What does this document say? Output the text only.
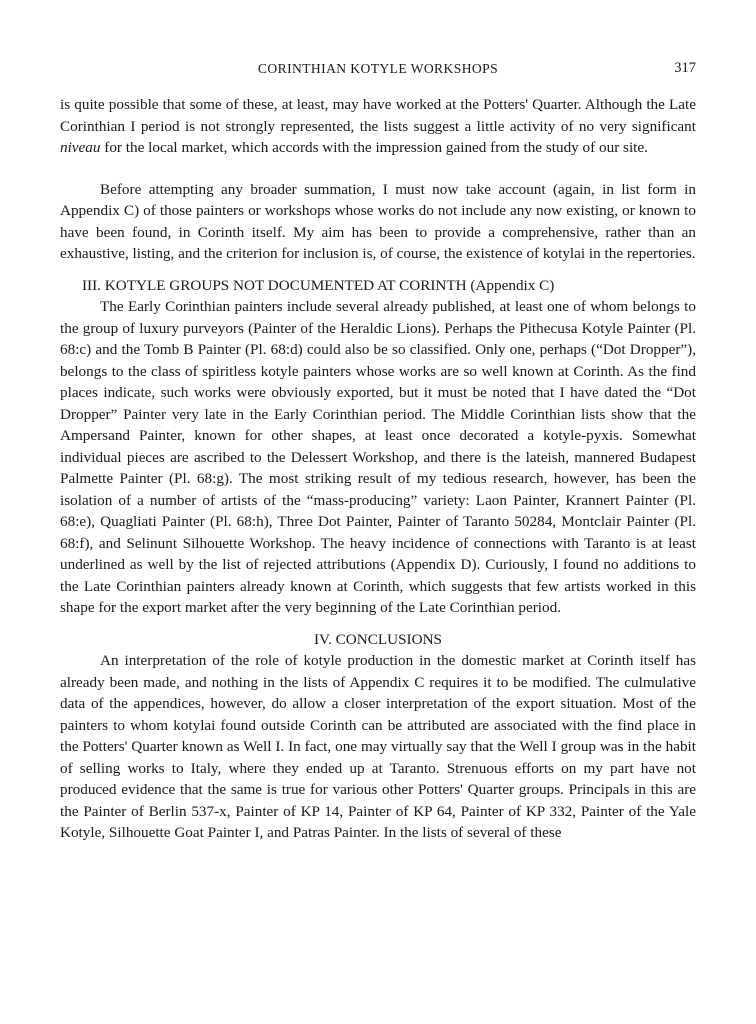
CORINTHIAN KOTYLE WORKSHOPS	317

is quite possible that some of these, at least, may have worked at the Potters' Quarter. Although the Late Corinthian I period is not strongly represented, the lists suggest a little activity of no very significant niveau for the local market, which accords with the impression gained from the study of our site.

Before attempting any broader summation, I must now take account (again, in list form in Appendix C) of those painters or workshops whose works do not include any now existing, or known to have been found, in Corinth itself. My aim has been to provide a comprehensive, rather than an exhaustive, listing, and the criterion for inclusion is, of course, the existence of kotylai in the repertories.

III. KOTYLE GROUPS NOT DOCUMENTED AT CORINTH (Appendix C)

The Early Corinthian painters include several already published, at least one of whom belongs to the group of luxury purveyors (Painter of the Heraldic Lions). Perhaps the Pithecusa Kotyle Painter (Pl. 68:c) and the Tomb B Painter (Pl. 68:d) could also be so classified. Only one, perhaps (“Dot Dropper”), belongs to the class of spiritless kotyle painters whose works are so well known at Corinth. As the find places indicate, such works were obviously exported, but it must be noted that I have dated the “Dot Dropper” Painter very late in the Early Corinthian period. The Middle Corinthian lists show that the Ampersand Painter, known for other shapes, at least once decorated a kotyle-pyxis. Somewhat individual pieces are ascribed to the Delessert Workshop, and there is the lateish, mannered Budapest Palmette Painter (Pl. 68:g). The most striking result of my tedious research, however, has been the isolation of a number of artists of the “mass-producing” variety: Laon Painter, Krannert Painter (Pl. 68:e), Quagliati Painter (Pl. 68:h), Three Dot Painter, Painter of Taranto 50284, Montclair Painter (Pl. 68:f), and Selinunt Silhouette Workshop. The heavy incidence of connections with Taranto is at least underlined as well by the list of rejected attributions (Appendix D). Curiously, I found no additions to the Late Corinthian painters already known at Corinth, which suggests that few artists worked in this shape for the export market after the very beginning of the Late Corinthian period.

IV. CONCLUSIONS

An interpretation of the role of kotyle production in the domestic market at Corinth itself has already been made, and nothing in the lists of Appendix C requires it to be modified. The culmulative data of the appendices, however, do allow a closer interpretation of the export situation. Most of the painters to whom kotylai found outside Corinth can be attributed are associated with the find place in the Potters' Quarter known as Well I. In fact, one may virtually say that the Well I group was in the habit of selling works to Italy, where they ended up at Taranto. Strenuous efforts on my part have not produced evidence that the same is true for various other Potters' Quarter groups. Principals in this are the Painter of Berlin 537-x, Painter of KP 14, Painter of KP 64, Painter of KP 332, Painter of the Yale Kotyle, Silhouette Goat Painter I, and Patras Painter. In the lists of several of these
